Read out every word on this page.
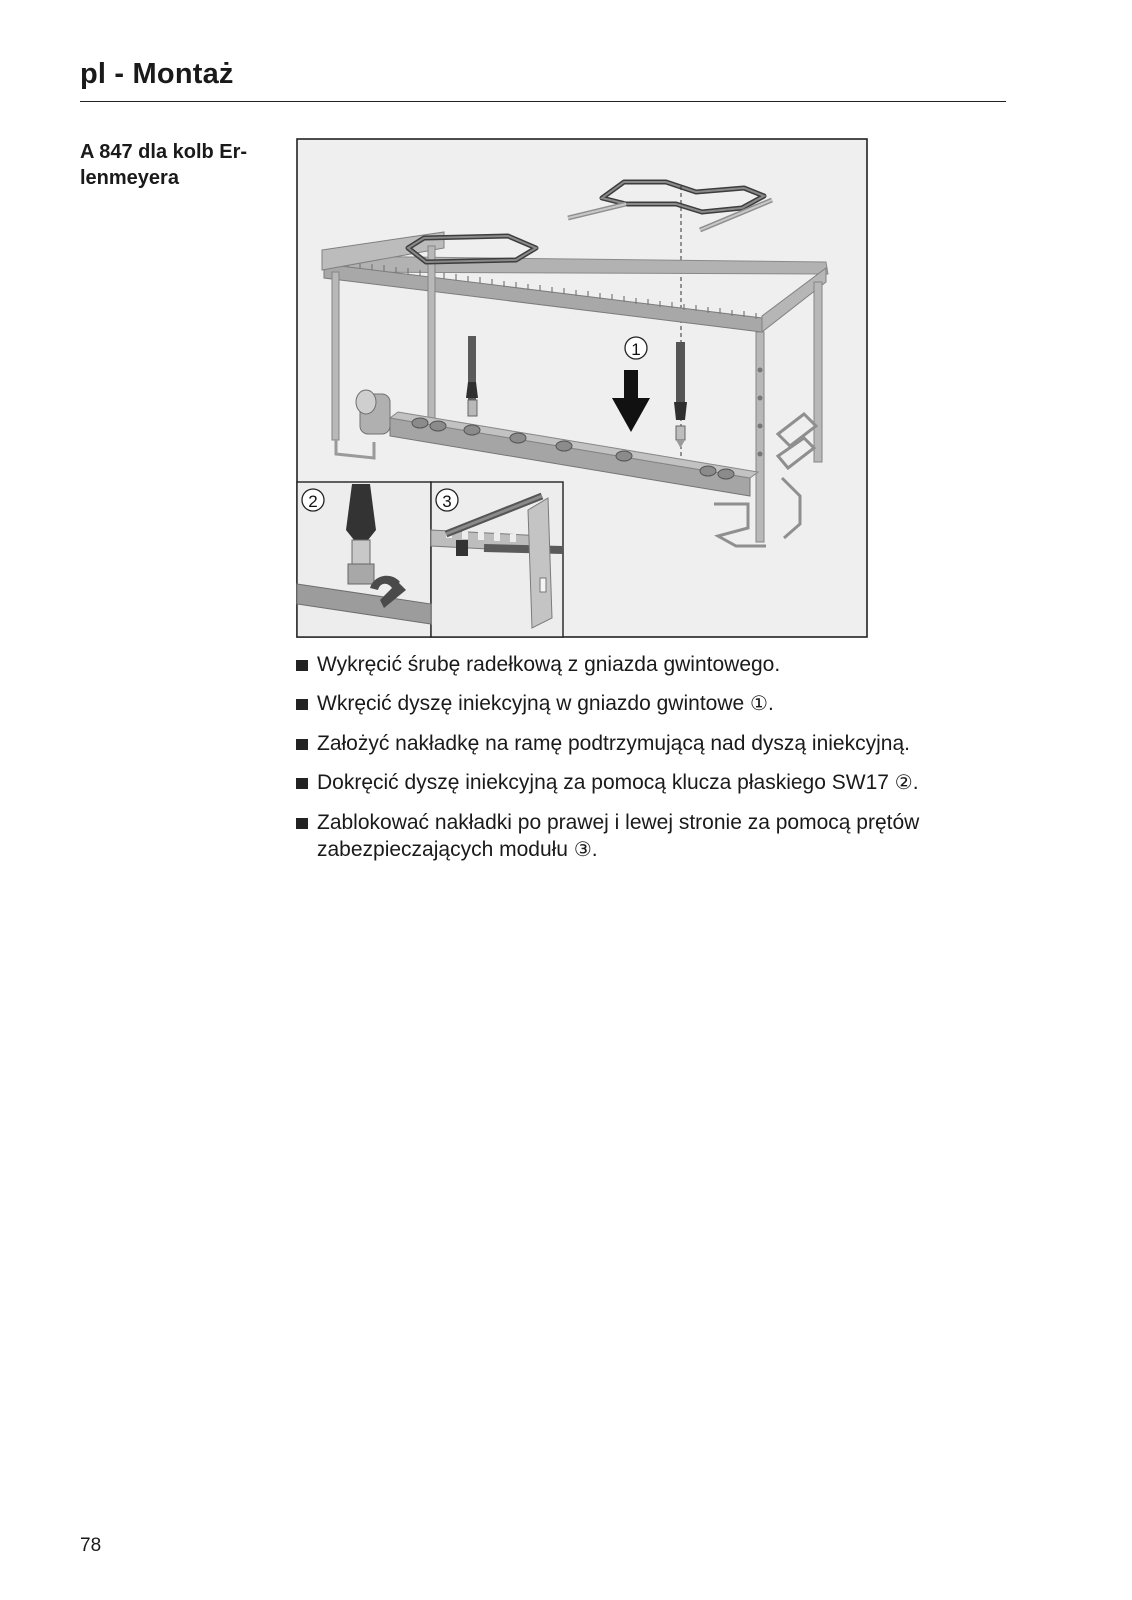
pl - Montaż
A 847 dla kolb Er-
lenmeyera
1
2	3
Wykręcić śrubę radełkową z gniazda gwintowego.
Wkręcić dyszę iniekcyjną w gniazdo gwintowe ①.
Założyć nakładkę na ramę podtrzymującą nad dyszą iniekcyjną.
Dokręcić dyszę iniekcyjną za pomocą klucza płaskiego SW17 ②.
Zablokować nakładki po prawej i lewej stronie za pomocą prętów zabezpieczających modułu ③.
78
